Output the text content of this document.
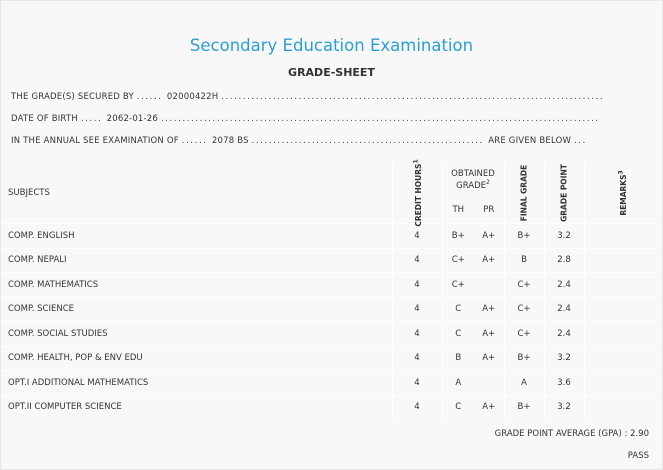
Secondary Education Examination
GRADE-SHEET
THE GRADE(S) SECURED BY ...... 02000422H .........................................................................................
DATE OF BIRTH ..... 2062-01-26 ......................................................................................................
IN THE ANNUAL SEE EXAMINATION OF ...... 2078 BS ...................................................... ARE GIVEN BELOW ...
SUBJECTS	CREDIT HOURS$^1$	OBTAINED GRADE$^2$		FINAL GRADE	GRADE POINT	REMARKS$^3$

		TH	PR			
COMP. ENGLISH	4	B+	A+	B+	3.2	
COMP. NEPALI	4	C+	A+	B	2.8	
COMP. MATHEMATICS	4	C+		C+	2.4	
COMP. SCIENCE	4	C	A+	C+	2.4	
COMP. SOCIAL STUDIES	4	C	A+	C+	2.4	
COMP. HEALTH, POP & ENV EDU	4	B	A+	B+	3.2	
OPT.I ADDITIONAL MATHEMATICS	4	A		A	3.6	
OPT.II COMPUTER SCIENCE	4	C	A+	B+	3.2	
GRADE POINT AVERAGE (GPA) : 2.90
PASS
